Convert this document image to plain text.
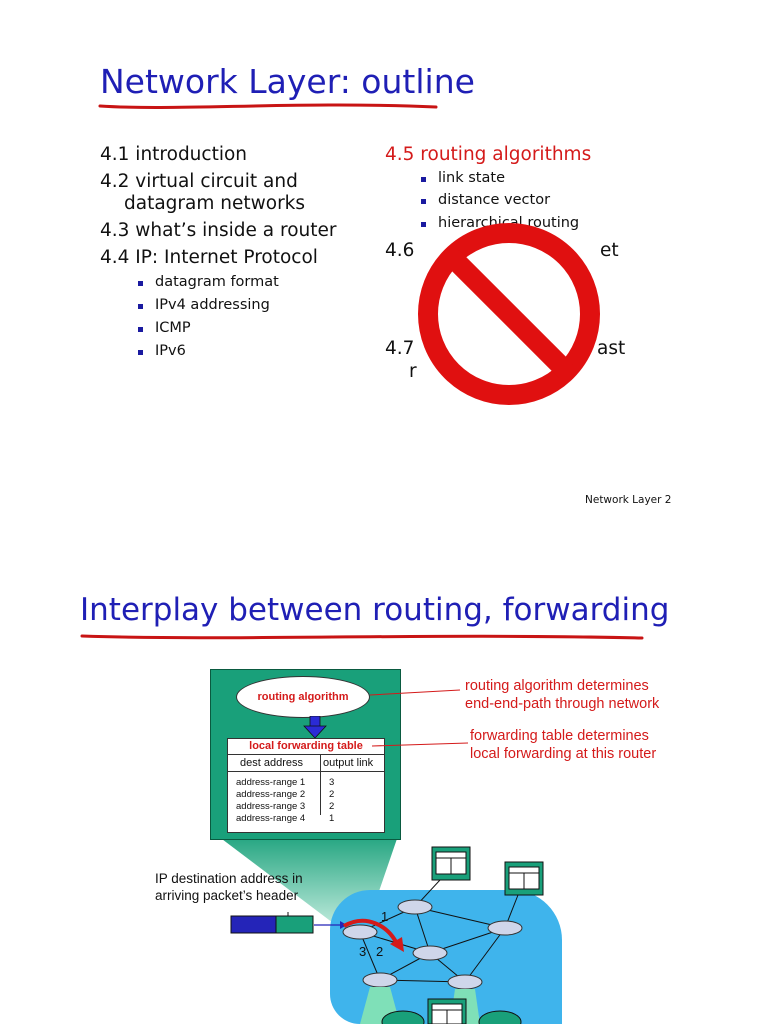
Network Layer: outline
4.1 introduction
4.2 virtual circuit and
datagram networks
4.3 what’s inside a router
4.4 IP: Internet Protocol
datagram format
IPv4 addressing
ICMP
IPv6
4.5 routing algorithms
link state
distance vector
hierarchical routing
4.6	et
4.7	ast
r
Network Layer 2
Interplay between routing, forwarding
routing algorithm
local forwarding table
dest address output link
address-range 1
address-range 2
address-range 3
address-range 4
3
2
2
1
routing algorithm determines
end-end-path through network
forwarding table determines
local forwarding at this router
IP destination address in
arriving packet’s header
1
3 2
